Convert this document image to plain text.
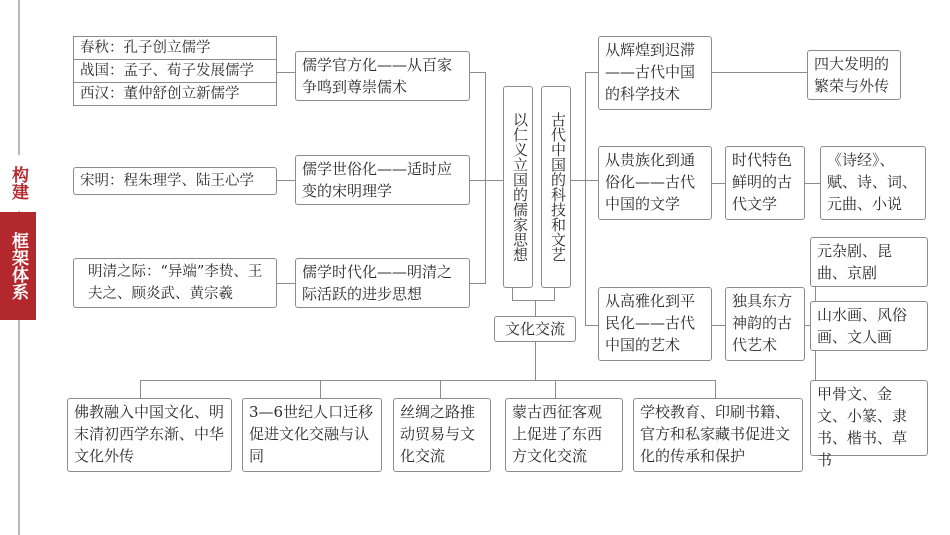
构建
框架体系
春秋：孔子创立儒学
战国：孟子、荀子发展儒学
西汉：董仲舒创立新儒学
宋明：程朱理学、陆王心学
明清之际：“异端”李贽、王夫之、顾炎武、黄宗羲
儒学官方化——从百家争鸣到尊崇儒术
儒学世俗化——适时应变的宋明理学
儒学时代化——明清之际活跃的进步思想
以仁义立国的儒家思想	古代中国的科技和文艺
文化交流
从辉煌到迟滞——古代中国的科学技术
四大发明的繁荣与外传
从贵族化到通俗化——古代中国的文学
时代特色鲜明的古代文学
《诗经》、赋、诗、词、元曲、小说
从高雅化到平民化——古代中国的艺术
独具东方神韵的古代艺术
元杂剧、昆曲、京剧
山水画、风俗画、文人画
甲骨文、金文、小篆、隶书、楷书、草书
佛教融入中国文化、明末清初西学东渐、中华文化外传
3—6世纪人口迁移促进文化交融与认同
丝绸之路推动贸易与文化交流
蒙古西征客观上促进了东西方文化交流
学校教育、印刷书籍、官方和私家藏书促进文化的传承和保护
